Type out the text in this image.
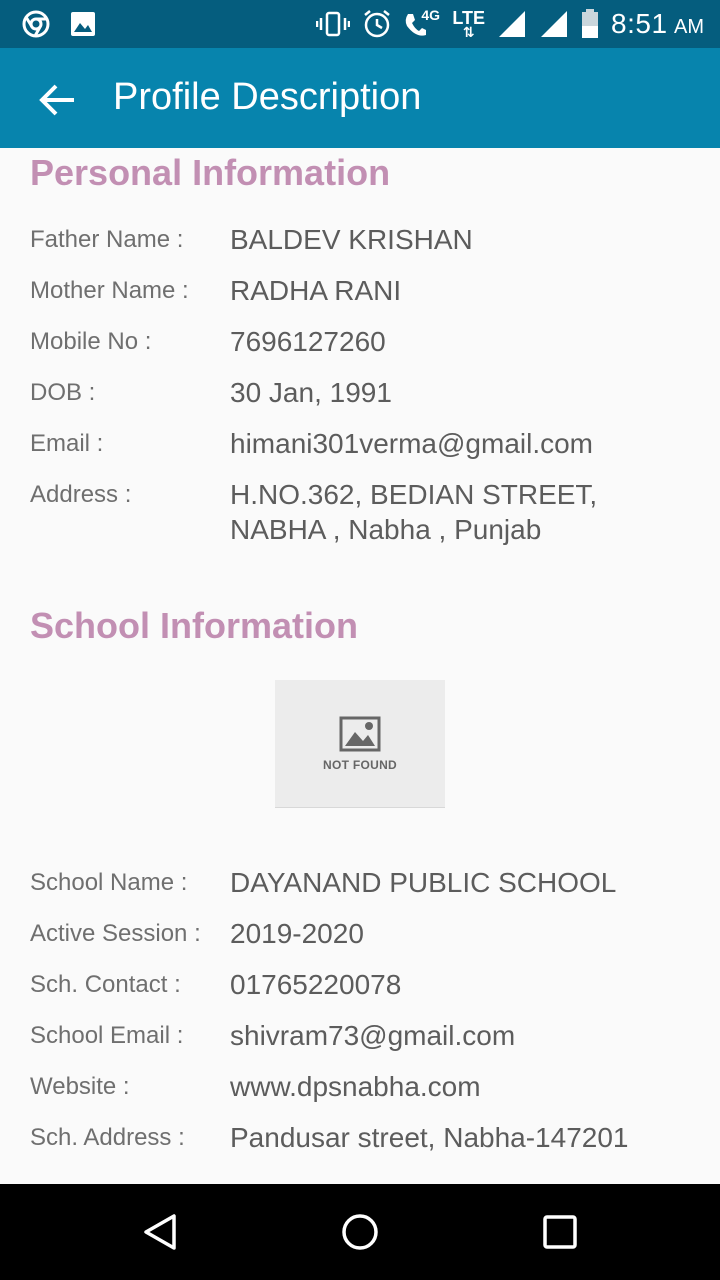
4G LTE
⇅	8:51 AM
Profile Description
Personal Information
Father Name : BALDEV KRISHAN
Mother Name : RADHA RANI
Mobile No :	7696127260
DOB :	30 Jan, 1991
Email :	himani301verma@gmail.com
Address :	H.NO.362, BEDIAN STREET, NABHA , Nabha , Punjab
School Information
NOT FOUND
School Name : DAYANAND PUBLIC SCHOOL
Active Session : 2019-2020
Sch. Contact : 01765220078
School Email : shivram73@gmail.com
Website :	www.dpsnabha.com
Sch. Address : Pandusar street, Nabha-147201
